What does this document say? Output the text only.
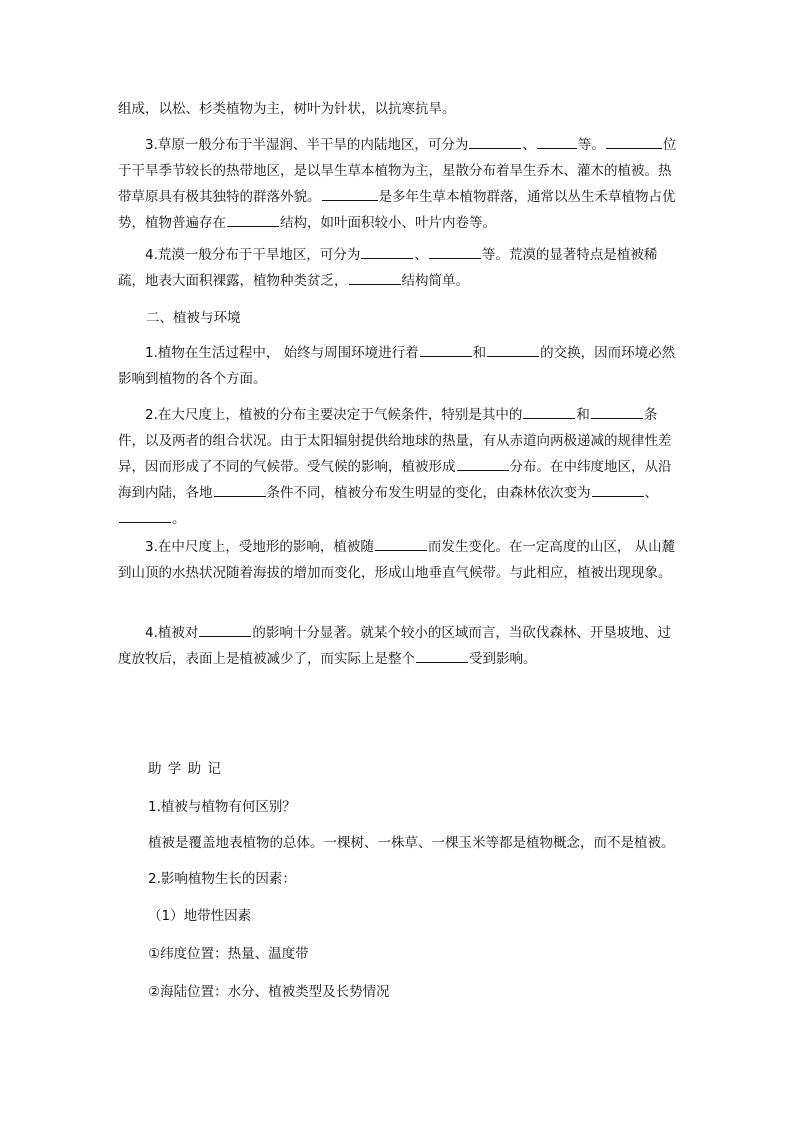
组成，以松、杉类植物为主，树叶为针状，以抗寒抗旱。
3.草原一般分布于半湿润、半干旱的内陆地区，可分为	、	等。	位于干旱季节较长的热带地区，是以旱生草本植物为主，星散分布着旱生乔木、灌木的植被。热带草原具有极其独特的群落外貌。	是多年生草本植物群落，通常以丛生禾草植物占优势，植物普遍存在	结构，如叶面积较小、叶片内卷等。
4.荒漠一般分布于干旱地区，可分为	、	等。荒漠的显著特点是植被稀疏，地表大面积裸露，植物种类贫乏，	结构简单。
二、植被与环境
1.植物在生活过程中， 始终与周围环境进行着	和	的交换，因而环境必然影响到植物的各个方面。
2.在大尺度上，植被的分布主要决定于气候条件，特别是其中的	和	条件，以及两者的组合状况。由于太阳辐射提供给地球的热量，有从赤道向两极递减的规律性差异，因而形成了不同的气候带。受气候的影响，植被形成	分布。在中纬度地区，从沿海到内陆，各地	条件不同，植被分布发生明显的变化，由森林依次变为	、。
3.在中尺度上，受地形的影响，植被随	而发生变化。在一定高度的山区， 从山麓到山顶的水热状况随着海拔的增加而变化，形成山地垂直气候带。与此相应，植被出现现象。
4.植被对	的影响十分显著。就某个较小的区域而言，当砍伐森林、开垦坡地、过度放牧后，表面上是植被减少了，而实际上是整个	受到影响。
助 学 助 记
1.植被与植物有何区别？
植被是覆盖地表植物的总体。一棵树、一株草、一棵玉米等都是植物概念，而不是植被。
2.影响植物生长的因素：
（1）地带性因素
①纬度位置：热量、温度带
②海陆位置：水分、植被类型及长势情况
